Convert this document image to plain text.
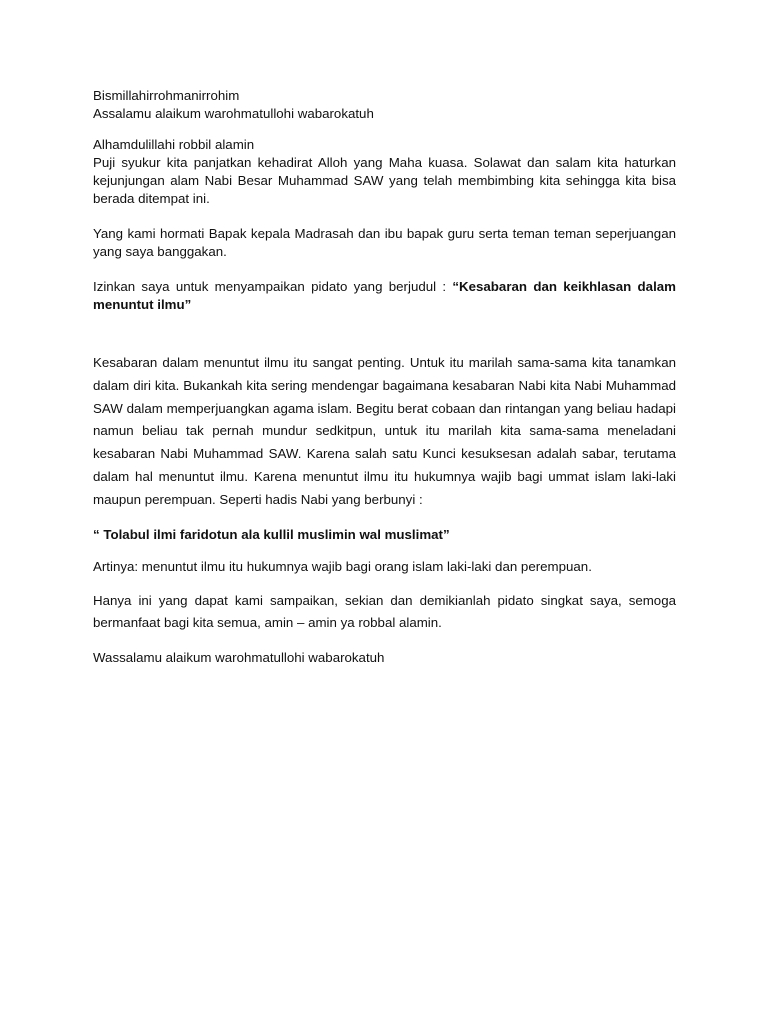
Bismillahirrohmanirrohim
Assalamu alaikum warohmatullohi wabarokatuh
Alhamdulillahi robbil alamin

Puji syukur kita panjatkan kehadirat Alloh yang Maha kuasa. Solawat dan salam kita haturkan kejunjungan alam Nabi Besar Muhammad SAW yang telah membimbing kita sehingga kita bisa berada ditempat ini.

Yang kami hormati Bapak kepala Madrasah dan ibu bapak guru serta teman teman seperjuangan yang saya banggakan.

Izinkan saya untuk menyampaikan pidato yang berjudul : “Kesabaran dan keikhlasan dalam menuntut ilmu”

Kesabaran dalam menuntut ilmu itu sangat penting. Untuk itu marilah sama-sama kita tanamkan dalam diri kita. Bukankah kita sering mendengar bagaimana kesabaran Nabi kita Nabi Muhammad SAW dalam memperjuangkan agama islam. Begitu berat cobaan dan rintangan yang beliau hadapi namun beliau tak pernah mundur sedkitpun, untuk itu marilah kita sama-sama meneladani kesabaran Nabi Muhammad SAW. Karena salah satu Kunci kesuksesan adalah sabar, terutama dalam hal menuntut ilmu. Karena menuntut ilmu itu hukumnya wajib bagi ummat islam laki-laki maupun perempuan. Seperti hadis Nabi yang berbunyi :

“ Tolabul ilmi faridotun ala kullil muslimin wal muslimat”

Artinya: menuntut ilmu itu hukumnya wajib bagi orang islam laki-laki dan perempuan.

Hanya ini yang dapat kami sampaikan, sekian dan demikianlah pidato singkat saya, semoga bermanfaat bagi kita semua, amin – amin ya robbal alamin.

Wassalamu alaikum warohmatullohi wabarokatuh
